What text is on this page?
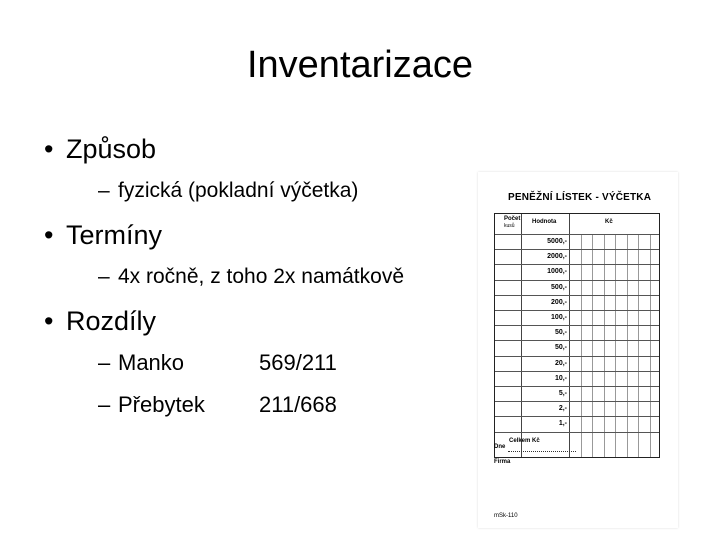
Inventarizace
• Způsob
– fyzická (pokladní výčetka)
• Termíny
– 4x ročně, z toho 2x namátkově
• Rozdíly
– Manko	569/211
– Přebytek 211/668
PENĚŽNÍ LÍSTEK - VÝČETKA
Počet
kusů
Hodnota	Kč
5000,-
2000,-
1000,-
500,-
200,-
100,-
50,-
50,-
20,-
10,-
5,-
2,-
1,-
Celkem Kč
Dne
Firma
mSk-110
